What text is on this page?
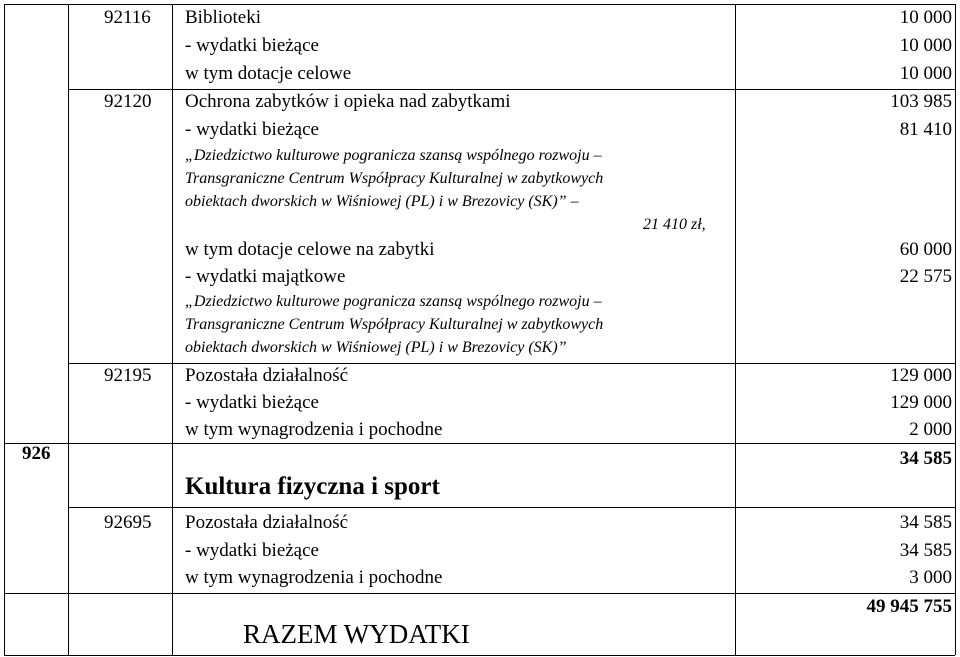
926
92116 Biblioteki
- wydatki bieżące
w tym dotacje celowe
10 000
10 000
10 000
92120 Ochrona zabytków i opieka nad zabytkami
- wydatki bieżące
„Dziedzictwo kulturowe pogranicza szansą wspólnego rozwoju –
Transgraniczne Centrum Współpracy Kulturalnej w zabytkowych
obiektach dworskich w Wiśniowej (PL) i w Brezovicy (SK)” –
21 410 zł,
w tym dotacje celowe na zabytki
- wydatki majątkowe
„Dziedzictwo kulturowe pogranicza szansą wspólnego rozwoju –
Transgraniczne Centrum Współpracy Kulturalnej w zabytkowych
obiektach dworskich w Wiśniowej (PL) i w Brezovicy (SK)”
103 985
81 410
60 000
22 575
92195 Pozostała działalność
- wydatki bieżące
w tym wynagrodzenia i pochodne
129 000
129 000
2 000
Kultura fizyczna i sport
34 585
92695 Pozostała działalność
- wydatki bieżące
w tym wynagrodzenia i pochodne
34 585
34 585
3 000
RAZEM WYDATKI
49 945 755
